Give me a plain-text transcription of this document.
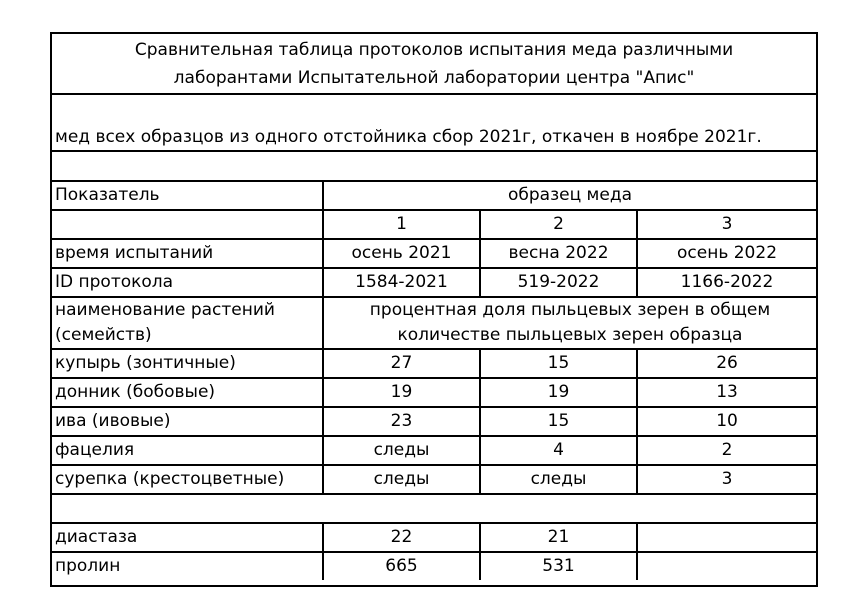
Сравнительная таблица протоколов испытания меда различными
лаборантами Испытательной лаборатории центра "Апис"
мед всех образцов из одного отстойника сбор 2021г, откачен в ноябре 2021г.
Показатель	образец меда		
	1	2	3
время испытаний	осень 2021	весна 2022	осень 2022
ID протокола	1584-2021	519-2022	1166-2022
наименование растений	процентная доля пыльцевых зерен в общем		
(семейств)	количестве пыльцевых зерен образца		
купырь (зонтичные)	27	15	26
донник (бобовые)	19	19	13
ива (ивовые)	23	15	10
фацелия	следы	4	2
сурепка (крестоцветные)	следы	следы	3

диастаза	22	21	
пролин	665	531	
